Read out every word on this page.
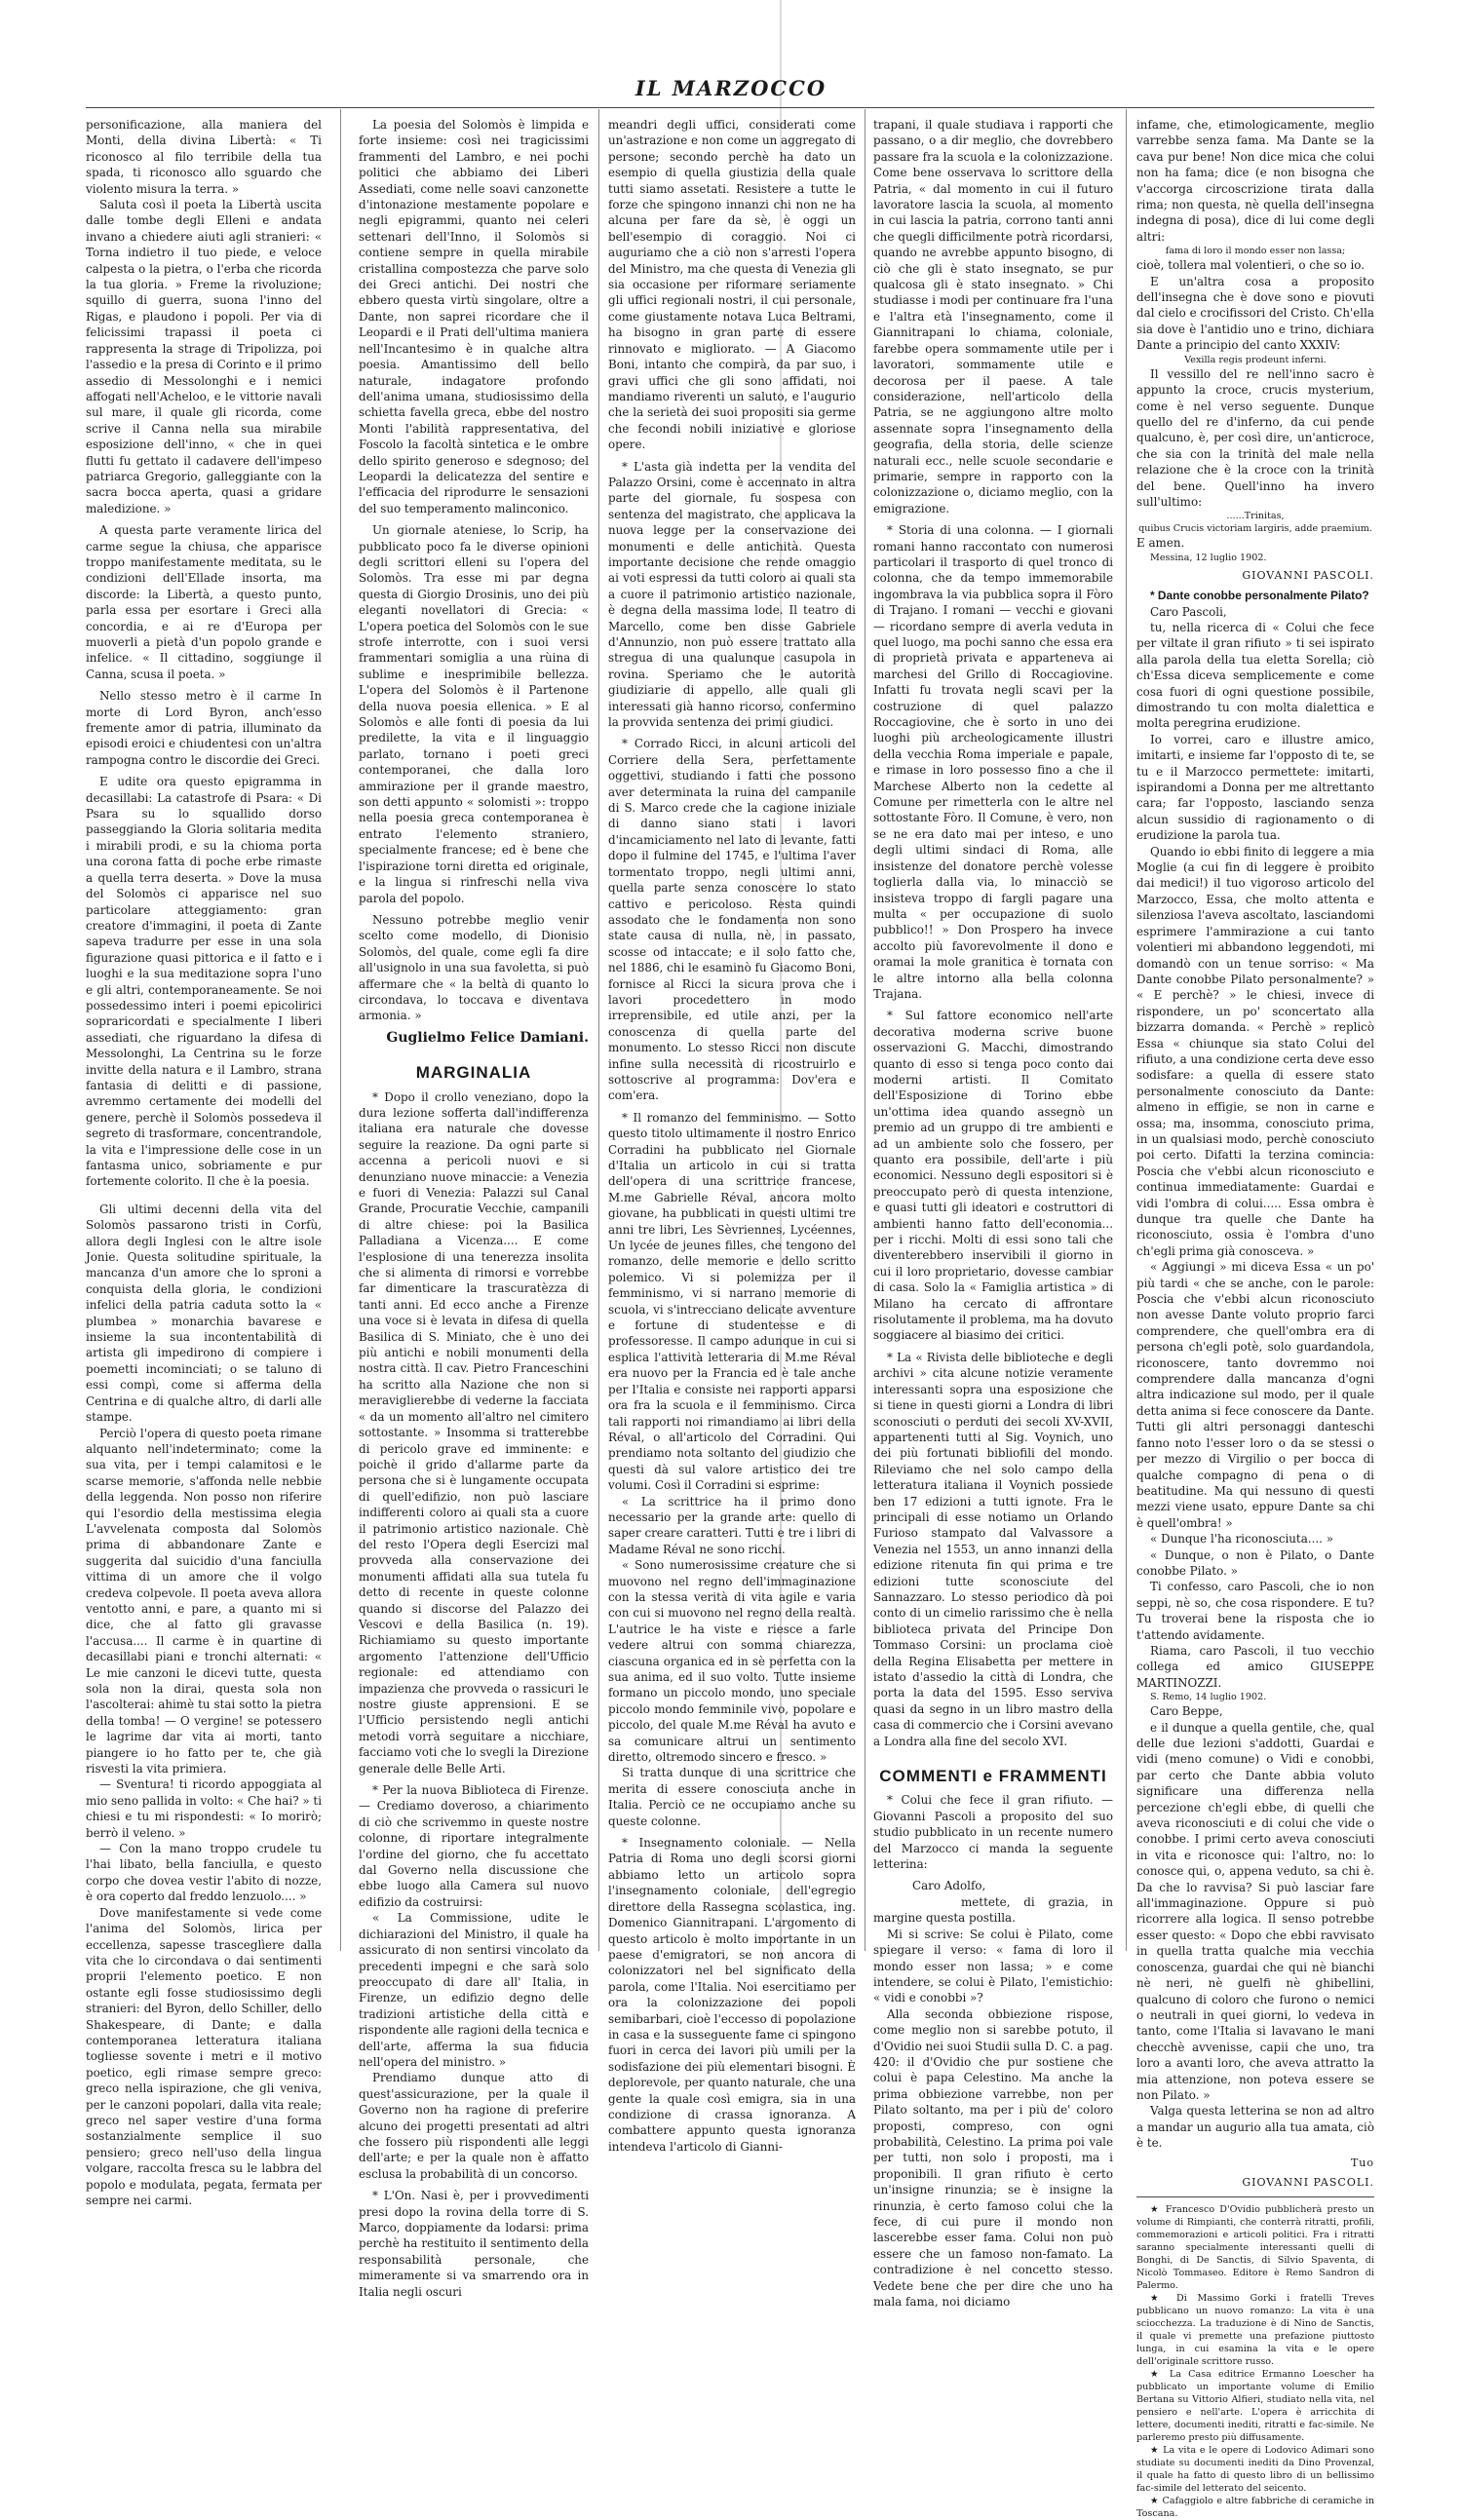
IL MARZOCCO

personificazione, alla maniera del Monti, della divina Libertà: « Ti riconosco al filo terribile della tua spada, ti riconosco allo sguardo che violento misura la terra. »

Saluta così il poeta la Libertà uscita dalle tombe degli Elleni e andata invano a chiedere aiuti agli stranieri: « Torna indietro il tuo piede, e veloce calpesta o la pietra, o l'erba che ricorda la tua gloria. » Freme la rivoluzione; squillo di guerra, suona l'inno del Rigas, e plaudono i popoli. Per via di felicissimi trapassi il poeta ci rappresenta la strage di Tripolizza, poi l'assedio e la presa di Corinto e il primo assedio di Messolonghi e i nemici affogati nell'Acheloo, e le vittorie navali sul mare, il quale gli ricorda, come scrive il Canna nella sua mirabile esposizione dell'inno, « che in quei flutti fu gettato il cadavere dell'impeso patriarca Gregorio, galleggiante con la sacra bocca aperta, quasi a gridare maledizione. »

A questa parte veramente lirica del carme segue la chiusa, che apparisce troppo manifestamente meditata, su le condizioni dell'Ellade insorta, ma discorde: la Libertà, a questo punto, parla essa per esortare i Greci alla concordia, e ai re d'Europa per muoverli a pietà d'un popolo grande e infelice. « Il cittadino, soggiunge il Canna, scusa il poeta. »

Nello stesso metro è il carme In morte di Lord Byron, anch'esso fremente amor di patria, illuminato da episodi eroici e chiudentesi con un'altra rampogna contro le discordie dei Greci.

E udite ora questo epigramma in decasillabi: La catastrofe di Psara: « Di Psara su lo squallido dorso passeggiando la Gloria solitaria medita i mirabili prodi, e su la chioma porta una corona fatta di poche erbe rimaste a quella terra deserta. » Dove la musa del Solomòs ci apparisce nel suo particolare atteggiamento: gran creatore d'immagini, il poeta di Zante sapeva tradurre per esse in una sola figurazione quasi pittorica e il fatto e i luoghi e la sua meditazione sopra l'uno e gli altri, contemporaneamente. Se noi possedessimo interi i poemi epicolirici sopraricordati e specialmente I liberi assediati, che riguardano la difesa di Messolonghi, La Centrina su le forze invitte della natura e il Lambro, strana fantasia di delitti e di passione, avremmo certamente dei modelli del genere, perchè il Solomòs possedeva il segreto di trasformare, concentrandole, la vita e l'impressione delle cose in un fantasma unico, sobriamente e pur fortemente colorito. Il che è la poesia.

Gli ultimi decenni della vita del Solomòs passarono tristi in Corfù, allora degli Inglesi con le altre isole Jonie. Questa solitudine spirituale, la mancanza d'un amore che lo sproni a conquista della gloria, le condizioni infelici della patria caduta sotto la « plumbea » monarchia bavarese e insieme la sua incontentabilità di artista gli impedirono di compiere i poemetti incominciati; o se taluno di essi compì, come si afferma della Centrina e di qualche altro, di darli alle stampe.

Perciò l'opera di questo poeta rimane alquanto nell'indeterminato; come la sua vita, per i tempi calamitosi e le scarse memorie, s'affonda nelle nebbie della leggenda. Non posso non riferire qui l'esordio della mestissima elegia L'avvelenata composta dal Solomòs prima di abbandonare Zante e suggerita dal suicidio d'una fanciulla vittima di un amore che il volgo credeva colpevole. Il poeta aveva allora ventotto anni, e pare, a quanto mi si dice, che al fatto gli gravasse l'accusa.... Il carme è in quartine di decasillabi piani e tronchi alternati: « Le mie canzoni le dicevi tutte, questa sola non la dirai, questa sola non l'ascolterai: ahimè tu stai sotto la pietra della tomba! — O vergine! se potessero le lagrime dar vita ai morti, tanto piangere io ho fatto per te, che già risvesti la vita primiera.

— Sventura! ti ricordo appoggiata al mio seno pallida in volto: « Che hai? » ti chiesi e tu mi rispondesti: « Io morirò; berrò il veleno. »

— Con la mano troppo crudele tu l'hai libato, bella fanciulla, e questo corpo che dovea vestir l'abito di nozze, è ora coperto dal freddo lenzuolo.... »

Dove manifestamente si vede come l'anima del Solomòs, lirica per eccellenza, sapesse trasceglìere dalla vita che lo circondava o dai sentimenti proprii l'elemento poetico. E non ostante egli fosse studiosissimo degli stranieri: del Byron, dello Schiller, dello Shakespeare, di Dante; e dalla contemporanea letteratura italiana togliesse sovente i metri e il motivo poetico, egli rimase sempre greco: greco nella ispirazione, che gli veniva, per le canzoni popolari, dalla vita reale; greco nel saper vestire d'una forma sostanzialmente semplice il suo pensiero; greco nell'uso della lingua volgare, raccolta fresca su le labbra del popolo e modulata, pegata, fermata per sempre nei carmi.

La poesia del Solomòs è limpida e forte insieme: così nei tragicissimi frammenti del Lambro, e nei pochi politici che abbiamo dei Liberi Assediati, come nelle soavi canzonette d'intonazione mestamente popolare e negli epigrammi, quanto nei celeri settenari dell'Inno, il Solomòs si contiene sempre in quella mirabile cristallina compostezza che parve solo dei Greci antichi. Dei nostri che ebbero questa virtù singolare, oltre a Dante, non saprei ricordare che il Leopardi e il Prati dell'ultima maniera nell'Incantesimo è in qualche altra poesia. Amantissimo dell bello naturale, indagatore profondo dell'anima umana, studiosissimo della schietta favella greca, ebbe del nostro Monti l'abilità rappresentativa, del Foscolo la facoltà sintetica e le ombre dello spirito generoso e sdegnoso; del Leopardi la delicatezza del sentire e l'efficacia del riprodurre le sensazioni del suo temperamento malinconico.

Un giornale ateniese, lo Scrip, ha pubblicato poco fa le diverse opinioni degli scrittori elleni su l'opera del Solomòs. Tra esse mi par degna questa di Giorgio Drosinis, uno dei più eleganti novellatori di Grecia: « L'opera poetica del Solomòs con le sue strofe interrotte, con i suoi versi frammentari somiglia a una rùina di sublime e inesprimibile bellezza. L'opera del Solomòs è il Partenone della nuova poesia ellenica. » E al Solomòs e alle fonti di poesia da lui predilette, la vita e il linguaggio parlato, tornano i poeti greci contemporanei, che dalla loro ammirazione per il grande maestro, son detti appunto « solomisti »: troppo nella poesia greca contemporanea è entrato l'elemento straniero, specialmente francese; ed è bene che l'ispirazione torni diretta ed originale, e la lingua si rinfreschi nella viva parola del popolo.

Nessuno potrebbe meglio venir scelto come modello, di Dionisio Solomòs, del quale, come egli fa dire all'usignolo in una sua favoletta, si può affermare che « la beltà di quanto lo circondava, lo toccava e diventava armonia. »

Guglielmo Felice Damiani.
MARGINALIA

* Dopo il crollo veneziano, dopo la dura lezione sofferta dall'indifferenza italiana era naturale che dovesse seguire la reazione. Da ogni parte si accenna a pericoli nuovi e si denunziano nuove minaccie: a Venezia e fuori di Venezia: Palazzi sul Canal Grande, Procuratie Vecchie, campanili di altre chiese: poi la Basilica Palladiana a Vicenza.... E come l'esplosione di una tenerezza insolita che si alimenta di rimorsi e vorrebbe far dimenticare la trascuratèzza di tanti anni. Ed ecco anche a Firenze una voce si è levata in difesa di quella Basilica di S. Miniato, che è uno dei più antichi e nobili monumenti della nostra città. Il cav. Pietro Franceschini ha scritto alla Nazione che non si meraviglierebbe di vederne la facciata « da un momento all'altro nel cimitero sottostante. » Insomma si tratterebbe di pericolo grave ed imminente: e poichè il grido d'allarme parte da persona che si è lungamente occupata di quell'edifizio, non può lasciare indifferenti coloro ai quali sta a cuore il patrimonio artistico nazionale. Chè del resto l'Opera degli Esercizi mal provveda alla conservazione dei monumenti affidati alla sua tutela fu detto di recente in queste colonne quando si discorse del Palazzo dei Vescovi e della Basilica (n. 19). Richiamiamo su questo importante argomento l'attenzione dell'Ufficio regionale: ed attendiamo con impazienza che provveda o rassicuri le nostre giuste apprensioni. E se l'Ufficio persistendo negli antichi metodi vorrà seguitare a nicchiare, facciamo voti che lo svegli la Direzione generale delle Belle Arti.

* Per la nuova Biblioteca di Firenze. — Crediamo doveroso, a chiarimento di ciò che scrivemmo in queste nostre colonne, di riportare integralmente l'ordine del giorno, che fu accettato dal Governo nella discussione che ebbe luogo alla Camera sul nuovo edifizio da costruirsi:

« La Commissione, udite le dichiarazioni del Ministro, il quale ha assicurato di non sentirsi vincolato da precedenti impegni e che sarà solo preoccupato di dare all' Italia, in Firenze, un edifizio degno delle tradizioni artistiche della città e rispondente alle ragioni della tecnica e dell'arte, afferma la sua fiducia nell'opera del ministro. »

Prendiamo dunque atto di quest'assicurazione, per la quale il Governo non ha ragione di preferire alcuno dei progetti presentati ad altri che fossero più rispondenti alle leggi dell'arte; e per la quale non è affatto esclusa la probabilità di un concorso.

* L'On. Nasi è, per i provvedimenti presi dopo la rovina della torre di S. Marco, doppiamente da lodarsi: prima perchè ha restituito il sentimento della responsabilità personale, che mimeramente si va smarrendo ora in Italia negli oscuri

meandri degli uffici, considerati come un'astrazione e non come un aggregato di persone; secondo perchè ha dato un esempio di quella giustizia della quale tutti siamo assetati. Resistere a tutte le forze che spingono innanzi chi non ne ha alcuna per fare da sè, è oggi un bell'esempio di coraggio. Noi ci auguriamo che a ciò non s'arresti l'opera del Ministro, ma che questa di Venezia gli sia occasione per riformare seriamente gli uffici regionali nostri, il cui personale, come giustamente notava Luca Beltrami, ha bisogno in gran parte di essere rinnovato e migliorato. — A Giacomo Boni, intanto che compirà, da par suo, i gravi uffici che gli sono affidati, noi mandiamo riverenti un saluto, e l'augurio che la serietà dei suoi propositi sia germe che fecondi nobili iniziative e gloriose opere.

* L'asta già indetta per la vendita del Palazzo Orsini, come è accennato in altra parte del giornale, fu sospesa con sentenza del magistrato, che applicava la nuova legge per la conservazione dei monumenti e delle antichità. Questa importante decisione che rende omaggio ai voti espressi da tutti coloro ai quali sta a cuore il patrimonio artistico nazionale, è degna della massima lode. Il teatro di Marcello, come ben disse Gabriele d'Annunzio, non può essere trattato alla stregua di una qualunque casupola in rovina. Speriamo che le autorità giudiziarie di appello, alle quali gli interessati già hanno ricorso, confermino la provvida sentenza dei primi giudici.

* Corrado Ricci, in alcuni articoli del Corriere della Sera, perfettamente oggettivi, studiando i fatti che possono aver determinata la ruina del campanile di S. Marco crede che la cagione iniziale di danno siano stati i lavori d'incamiciamento nel lato di levante, fatti dopo il fulmine del 1745, e l'ultima l'aver tormentato troppo, negli ultimi anni, quella parte senza conoscere lo stato cattivo e pericoloso. Resta quindi assodato che le fondamenta non sono state causa di nulla, nè, in passato, scosse od intaccate; e il solo fatto che, nel 1886, chi le esaminò fu Giacomo Boni, fornisce al Ricci la sicura prova che i lavori procedettero in modo irreprensibile, ed utile anzi, per la conoscenza di quella parte del monumento. Lo stesso Ricci non discute infine sulla necessità di ricostruirlo e sottoscrive al programma: Dov'era e com'era.

* Il romanzo del femminismo. — Sotto questo titolo ultimamente il nostro Enrico Corradini ha pubblicato nel Giornale d'Italia un articolo in cui si tratta dell'opera di una scrittrice francese, M.me Gabrielle Réval, ancora molto giovane, ha pubblicati in questi ultimi tre anni tre libri, Les Sèvriennes, Lycéennes, Un lycée de jeunes filles, che tengono del romanzo, delle memorie e dello scritto polemico. Vi si polemizza per il femminismo, vi si narrano memorie di scuola, vi s'intrecciano delicate avventure e fortune di studentesse e di professoresse. Il campo adunque in cui si esplica l'attività letteraria di M.me Réval era nuovo per la Francia ed è tale anche per l'Italia e consiste nei rapporti apparsi ora fra la scuola e il femminismo. Circa tali rapporti noi rimandiamo ai libri della Réval, o all'articolo del Corradini. Qui prendiamo nota soltanto del giudizio che questi dà sul valore artistico dei tre volumi. Così il Corradini si esprime:

« La scrittrice ha il primo dono necessario per la grande arte: quello di saper creare caratteri. Tutti e tre i libri di Madame Réval ne sono ricchi.

« Sono numerosissime creature che si muovono nel regno dell'immaginazione con la stessa verità di vita agile e varia con cui si muovono nel regno della realtà. L'autrice le ha viste e riesce a farle vedere altrui con somma chiarezza, ciascuna organica ed in sè perfetta con la sua anima, ed il suo volto. Tutte insieme formano un piccolo mondo, uno speciale piccolo mondo femminile vivo, popolare e piccolo, del quale M.me Réval ha avuto e sa comunicare altrui un sentimento diretto, oltremodo sincero e fresco. »

Si tratta dunque di una scrittrice che merita di essere conosciuta anche in Italia. Perciò ce ne occupiamo anche su queste colonne.

* Insegnamento coloniale. — Nella Patria di Roma uno degli scorsi giorni abbiamo letto un articolo sopra l'insegnamento coloniale, dell'egregio direttore della Rassegna scolastica, ing. Domenico Giannitrapani. L'argomento di questo articolo è molto importante in un paese d'emigratori, se non ancora di colonizzatori nel bel significato della parola, come l'Italia. Noi esercitiamo per ora la colonizzazione dei popoli semibarbari, cioè l'eccesso di popolazione in casa e la susseguente fame ci spingono fuori in cerca dei lavori più umili per la sodisfazione dei più elementari bisogni. È deplorevole, per quanto naturale, che una gente la quale così emigra, sia in una condizione di crassa ignoranza. A combattere appunto questa ignoranza intendeva l'articolo di Gianni-

trapani, il quale studiava i rapporti che passano, o a dir meglio, che dovrebbero passare fra la scuola e la colonizzazione. Come bene osservava lo scrittore della Patria, « dal momento in cui il futuro lavoratore lascia la scuola, al momento in cui lascia la patria, corrono tanti anni che quegli difficilmente potrà ricordarsi, quando ne avrebbe appunto bisogno, di ciò che gli è stato insegnato, se pur qualcosa gli è stato insegnato. » Chi studiasse i modi per continuare fra l'una e l'altra età l'insegnamento, come il Giannitrapani lo chiama, coloniale, farebbe opera sommamente utile per i lavoratori, sommamente utile e decorosa per il paese. A tale considerazione, nell'articolo della Patria, se ne aggiungono altre molto assennate sopra l'insegnamento della geografia, della storia, delle scienze naturali ecc., nelle scuole secondarie e primarie, sempre in rapporto con la colonizzazione o, diciamo meglio, con la emigrazione.

* Storia di una colonna. — I giornali romani hanno raccontato con numerosi particolari il trasporto di quel tronco di colonna, che da tempo immemorabile ingombrava la via pubblica sopra il Fòro di Trajano. I romani — vecchi e giovani — ricordano sempre di averla veduta in quel luogo, ma pochi sanno che essa era di proprietà privata e apparteneva ai marchesi del Grillo di Roccagiovine. Infatti fu trovata negli scavi per la costruzione di quel palazzo Roccagiovine, che è sorto in uno dei luoghi più archeologicamente illustri della vecchia Roma imperiale e papale, e rimase in loro possesso fino a che il Marchese Alberto non la cedette al Comune per rimetterla con le altre nel sottostante Fòro. Il Comune, è vero, non se ne era dato mai per inteso, e uno degli ultimi sindaci di Roma, alle insistenze del donatore perchè volesse toglierla dalla via, lo minacciò se insisteva troppo di fargli pagare una multa « per occupazione di suolo pubblico!! » Don Prospero ha invece accolto più favorevolmente il dono e oramai la mole granitica è tornata con le altre intorno alla bella colonna Trajana.

* Sul fattore economico nell'arte decorativa moderna scrive buone osservazioni G. Macchi, dimostrando quanto di esso si tenga poco conto dai moderni artisti. Il Comitato dell'Esposizione di Torino ebbe un'ottima idea quando assegnò un premio ad un gruppo di tre ambienti e ad un ambiente solo che fossero, per quanto era possibile, dell'arte i più economici. Nessuno degli espositori si è preoccupato però di questa intenzione, e quasi tutti gli ideatori e costruttori di ambienti hanno fatto dell'economia... per i ricchi. Molti di essi sono tali che diventerebbero inservibili il giorno in cui il loro proprietario, dovesse cambiar di casa. Solo la « Famiglia artistica » di Milano ha cercato di affrontare risolutamente il problema, ma ha dovuto soggiacere al biasimo dei critici.

* La « Rivista delle biblioteche e degli archivi » cita alcune notizie veramente interessanti sopra una esposizione che si tiene in questi giorni a Londra di libri sconosciuti o perduti dei secoli XV-XVII, appartenenti tutti al Sig. Voynich, uno dei più fortunati bibliofili del mondo. Rileviamo che nel solo campo della letteratura italiana il Voynich possiede ben 17 edizioni a tutti ignote. Fra le principali di esse notiamo un Orlando Furioso stampato dal Valvassore a Venezia nel 1553, un anno innanzi della edizione ritenuta fin qui prima e tre edizioni tutte sconosciute del Sannazzaro. Lo stesso periodico dà poi conto di un cimelio rarissimo che è nella biblioteca privata del Principe Don Tommaso Corsini: un proclama cioè della Regina Elisabetta per mettere in istato d'assedio la città di Londra, che porta la data del 1595. Esso serviva quasi da segno in un libro mastro della casa di commercio che i Corsini avevano a Londra alla fine del secolo XVI.

COMMENTI e FRAMMENTI

* Colui che fece il gran rifiuto. — Giovanni Pascoli a proposito del suo studio pubblicato in un recente numero del Marzocco ci manda la seguente letterina:

Caro Adolfo,

mettete, di grazia, in margine questa postilla.

Mi si scrive: Se colui è Pilato, come spiegare il verso: « fama di loro il mondo esser non lassa; » e come intendere, se colui è Pilato, l'emistichio: « vidi e conobbi »?

Alla seconda obbiezione rispose, come meglio non si sarebbe potuto, il d'Ovidio nei suoi Studii sulla D. C. a pag. 420: il d'Ovidio che pur sostiene che colui è papa Celestino. Ma anche la prima obbiezione varrebbe, non per Pilato soltanto, ma per i più de' coloro proposti, compreso, con ogni probabilità, Celestino. La prima poi vale per tutti, non solo i proposti, ma i proponibili. Il gran rifiuto è certo un'insigne rinunzia; se è insigne la rinunzia, è certo famoso colui che la fece, di cui pure il mondo non lascerebbe esser fama. Colui non può essere che un famoso non-famato. La contradizione è nel concetto stesso. Vedete bene che per dire che uno ha mala fama, noi diciamo

infame, che, etimologicamente, meglio varrebbe senza fama. Ma Dante se la cava pur bene! Non dice mica che colui non ha fama; dice (e non bisogna che v'accorga circoscrizione tirata dalla rima; non questa, nè quella dell'insegna indegna di posa), dice di lui come degli altri:

fama di loro il mondo esser non lassa;

cioè, tollera mal volentieri, o che so io.

E un'altra cosa a proposito dell'insegna che è dove sono e piovuti dal cielo e crocifissori del Cristo. Ch'ella sia dove è l'antidio uno e trino, dichiara Dante a principio del canto XXXIV:

Vexilla regis prodeunt inferni.

Il vessillo del re nell'inno sacro è appunto la croce, crucis mysterium, come è nel verso seguente. Dunque quello del re d'inferno, da cui pende qualcuno, è, per così dire, un'anticroce, che sia con la trinità del male nella relazione che è la croce con la trinità del bene. Quell'inno ha invero sull'ultimo:

......Trinitas,

quibus Crucis victoriam largiris, adde praemium.

E amen.

Messina, 12 luglio 1902.

GIOVANNI PASCOLI.

* Dante conobbe personalmente Pilato?

Caro Pascoli,

tu, nella ricerca di « Colui che fece per viltate il gran rifiuto » ti sei ispirato alla parola della tua eletta Sorella; ciò ch'Essa diceva semplicemente e come cosa fuori di ogni questione possibile, dimostrando tu con molta dialettica e molta peregrina erudizione.

Io vorrei, caro e illustre amico, imitarti, e insieme far l'opposto di te, se tu e il Marzocco permettete: imitarti, ispirandomi a Donna per me altrettanto cara; far l'opposto, lasciando senza alcun sussidio di ragionamento o di erudizione la parola tua.

Quando io ebbi finito di leggere a mia Moglie (a cui fin di leggere è proibito dai medici!) il tuo vigoroso articolo del Marzocco, Essa, che molto attenta e silenziosa l'aveva ascoltato, lasciandomi esprimere l'ammirazione a cui tanto volentieri mi abbandono leggendoti, mi domandò con un tenue sorriso: « Ma Dante conobbe Pilato personalmente? » « E perchè? » le chiesi, invece di rispondere, un po' sconcertato alla bizzarra domanda. « Perchè » replicò Essa « chiunque sia stato Colui del rifiuto, a una condizione certa deve esso sodisfare: a quella di essere stato personalmente conosciuto da Dante: almeno in effigie, se non in carne e ossa; ma, insomma, conosciuto prima, in un qualsiasi modo, perchè conosciuto poi certo. Difatti la terzina comincia: Poscia che v'ebbi alcun riconosciuto e continua immediatamente: Guardai e vidi l'ombra di colui..... Essa ombra è dunque tra quelle che Dante ha riconosciuto, ossia è l'ombra d'uno ch'egli prima già conosceva. »

« Aggiungi » mi diceva Essa « un po' più tardi « che se anche, con le parole: Poscia che v'ebbi alcun riconosciuto non avesse Dante voluto proprio farci comprendere, che quell'ombra era di persona ch'egli potè, solo guardandola, riconoscere, tanto dovremmo noi comprendere dalla mancanza d'ogni altra indicazione sul modo, per il quale detta anima si fece conoscere da Dante. Tutti gli altri personaggi danteschi fanno noto l'esser loro o da se stessi o per mezzo di Virgilio o per bocca di qualche compagno di pena o di beatitudine. Ma qui nessuno di questi mezzi viene usato, eppure Dante sa chi è quell'ombra! »

« Dunque l'ha riconosciuta.... »

« Dunque, o non è Pilato, o Dante conobbe Pilato. »

Ti confesso, caro Pascoli, che io non seppi, nè so, che cosa rispondere. E tu? Tu troverai bene la risposta che io t'attendo avidamente.

Riama, caro Pascoli, il tuo vecchio collega ed amico GIUSEPPE MARTINOZZI.

S. Remo, 14 luglio 1902.

Caro Beppe,

e il dunque a quella gentile, che, qual delle due lezioni s'addotti, Guardai e vidi (meno comune) o Vidi e conobbi, par certo che Dante abbia voluto significare una differenza nella percezione ch'egli ebbe, di quelli che aveva riconosciuti e di colui che vide o conobbe. I primi certo aveva conosciuti in vita e riconosce qui: l'altro, no: lo conosce qui, o, appena veduto, sa chi è. Da che lo ravvisa? Si può lasciar fare all'immaginazione. Oppure si può ricorrere alla logica. Il senso potrebbe esser questo: « Dopo che ebbi ravvisato in quella tratta qualche mia vecchia conoscenza, guardai che qui nè bianchi nè neri, nè guelfi nè ghibellini, qualcuno di coloro che furono o nemici o neutrali in quei giorni, lo vedeva in tanto, come l'Italia si lavavano le mani checchè avvenisse, capii che uno, tra loro a avanti loro, che aveva attratto la mia attenzione, non poteva essere se non Pilato. »

Valga questa letterina se non ad altro a mandar un augurio alla tua amata, ciò è te.

Tuo
GIOVANNI PASCOLI.

★ Francesco D'Ovidio pubblicherà presto un volume di Rimpianti, che conterrà ritratti, profili, commemorazioni e articoli politici. Fra i ritratti saranno specialmente interessanti quelli di Bonghi, di De Sanctis, di Silvio Spaventa, di Nicolò Tommaseo. Editore è Remo Sandron di Palermo.

★ Di Massimo Gorki i fratelli Treves pubblicano un nuovo romanzo: La vita è una sciocchezza. La traduzione è di Nino de Sanctis, il quale vi premette una prefazione piuttosto lunga, in cui esamina la vita e le opere dell'originale scrittore russo.

★ La Casa editrice Ermanno Loescher ha pubblicato un importante volume di Emilio Bertana su Vittorio Alfieri, studiato nella vita, nel pensiero e nell'arte. L'opera è arricchita di lettere, documenti inediti, ritratti e fac-simile. Ne parleremo presto più diffusamente.

★ La vita e le opere di Lodovico Adimari sono studiate su documenti inediti da Dino Provenzal, il quale ha fatto di questo libro di un bellissimo fac-simile del letterato del seicento.

★ Cafaggiolo e altre fabbriche di ceramiche in Toscana.
